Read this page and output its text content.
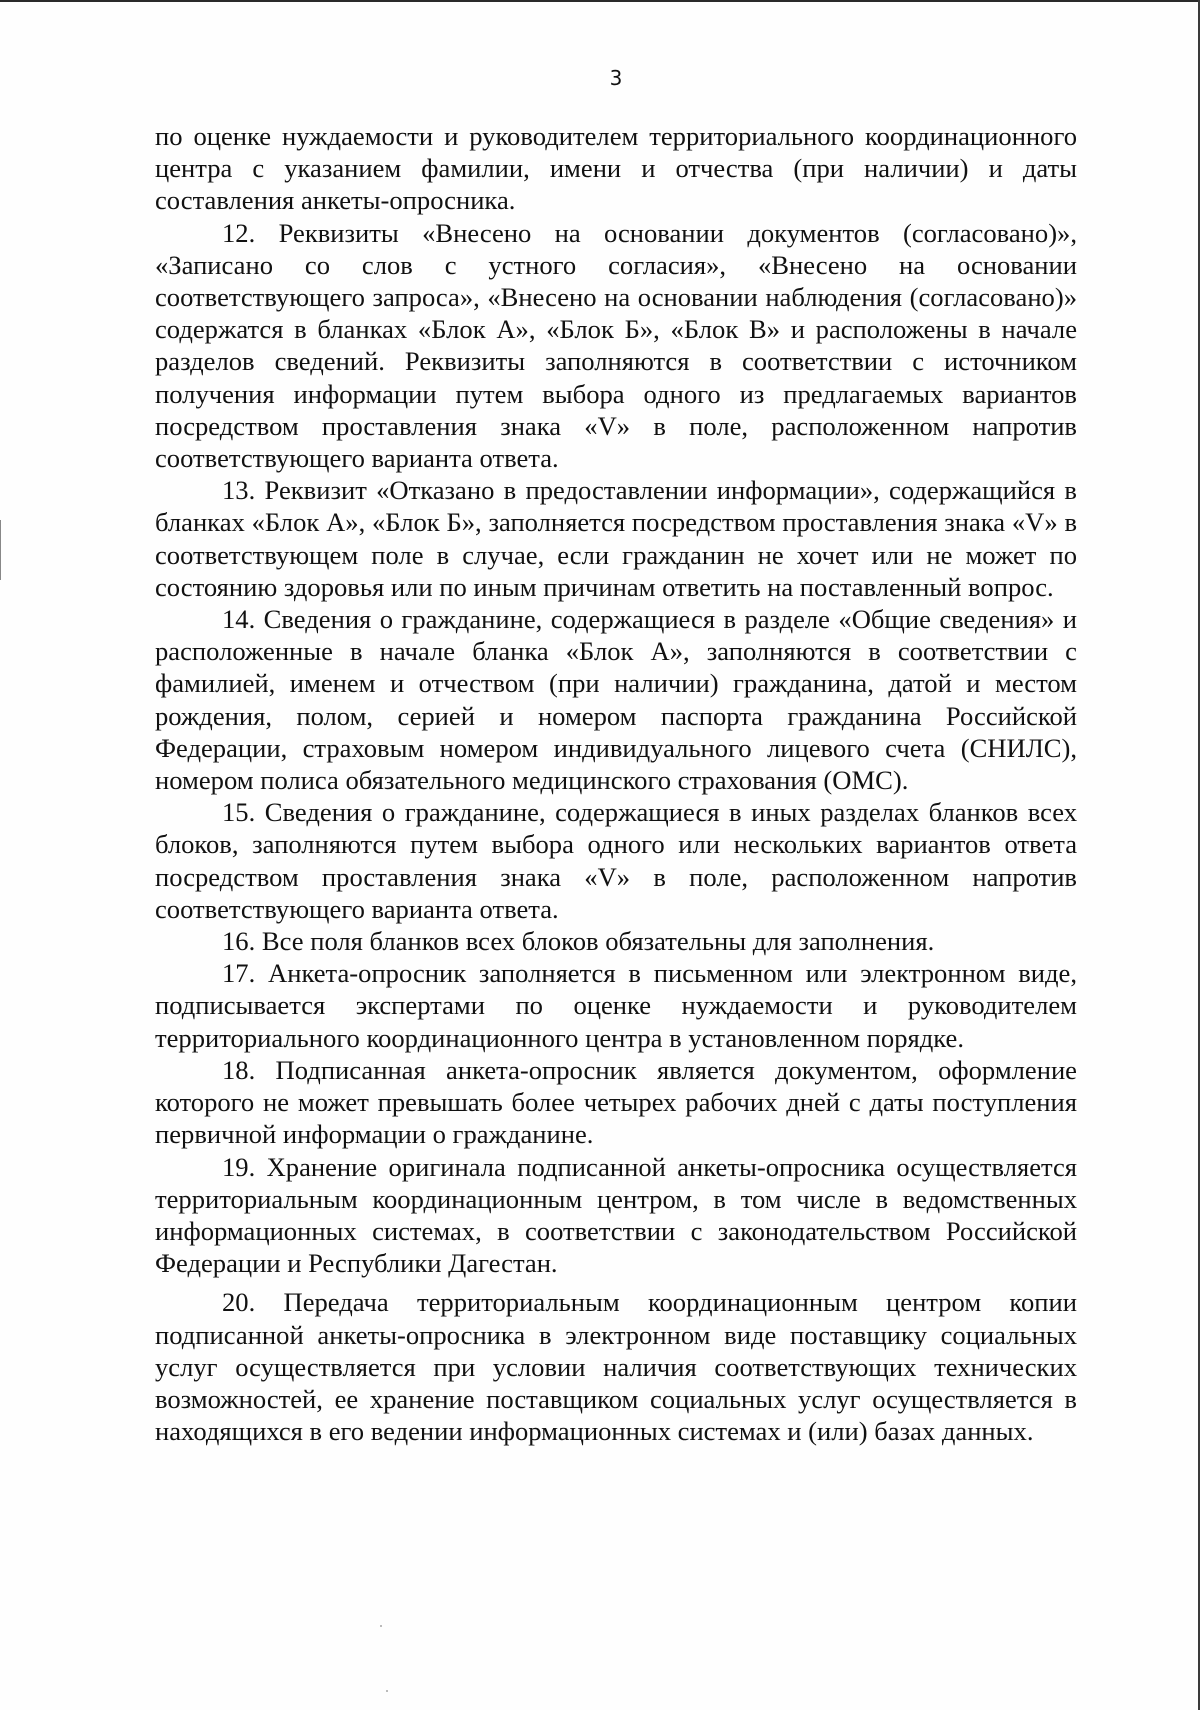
3

по оценке нуждаемости и руководителем территориального координационного центра с указанием фамилии, имени и отчества (при наличии) и даты составления анкеты-опросника.

12. Реквизиты «Внесено на основании документов (согласовано)», «Записано со слов с устного согласия», «Внесено на основании соответствующего запроса», «Внесено на основании наблюдения (согласовано)» содержатся в бланках «Блок А», «Блок Б», «Блок В» и расположены в начале разделов сведений. Реквизиты заполняются в соответствии с источником получения информации путем выбора одного из предлагаемых вариантов посредством проставления знака «V» в поле, расположенном напротив соответствующего варианта ответа.

13. Реквизит «Отказано в предоставлении информации», содержащийся в бланках «Блок А», «Блок Б», заполняется посредством проставления знака «V» в соответствующем поле в случае, если гражданин не хочет или не может по состоянию здоровья или по иным причинам ответить на поставленный вопрос.

14. Сведения о гражданине, содержащиеся в разделе «Общие сведения» и расположенные в начале бланка «Блок А», заполняются в соответствии с фамилией, именем и отчеством (при наличии) гражданина, датой и местом рождения, полом, серией и номером паспорта гражданина Российской Федерации, страховым номером индивидуального лицевого счета (СНИЛС), номером полиса обязательного медицинского страхования (ОМС).

15. Сведения о гражданине, содержащиеся в иных разделах бланков всех блоков, заполняются путем выбора одного или нескольких вариантов ответа посредством проставления знака «V» в поле, расположенном напротив соответствующего варианта ответа.

16. Все поля бланков всех блоков обязательны для заполнения.

17. Анкета-опросник заполняется в письменном или электронном виде, подписывается экспертами по оценке нуждаемости и руководителем территориального координационного центра в установленном порядке.

18. Подписанная анкета-опросник является документом, оформление которого не может превышать более четырех рабочих дней с даты поступления первичной информации о гражданине.

19. Хранение оригинала подписанной анкеты-опросника осуществляется территориальным координационным центром, в том числе в ведомственных информационных системах, в соответствии с законодательством Российской Федерации и Республики Дагестан.

20. Передача территориальным координационным центром копии подписанной анкеты-опросника в электронном виде поставщику социальных услуг осуществляется при условии наличия соответствующих технических возможностей, ее хранение поставщиком социальных услуг осуществляется в находящихся в его ведении информационных системах и (или) базах данных.
